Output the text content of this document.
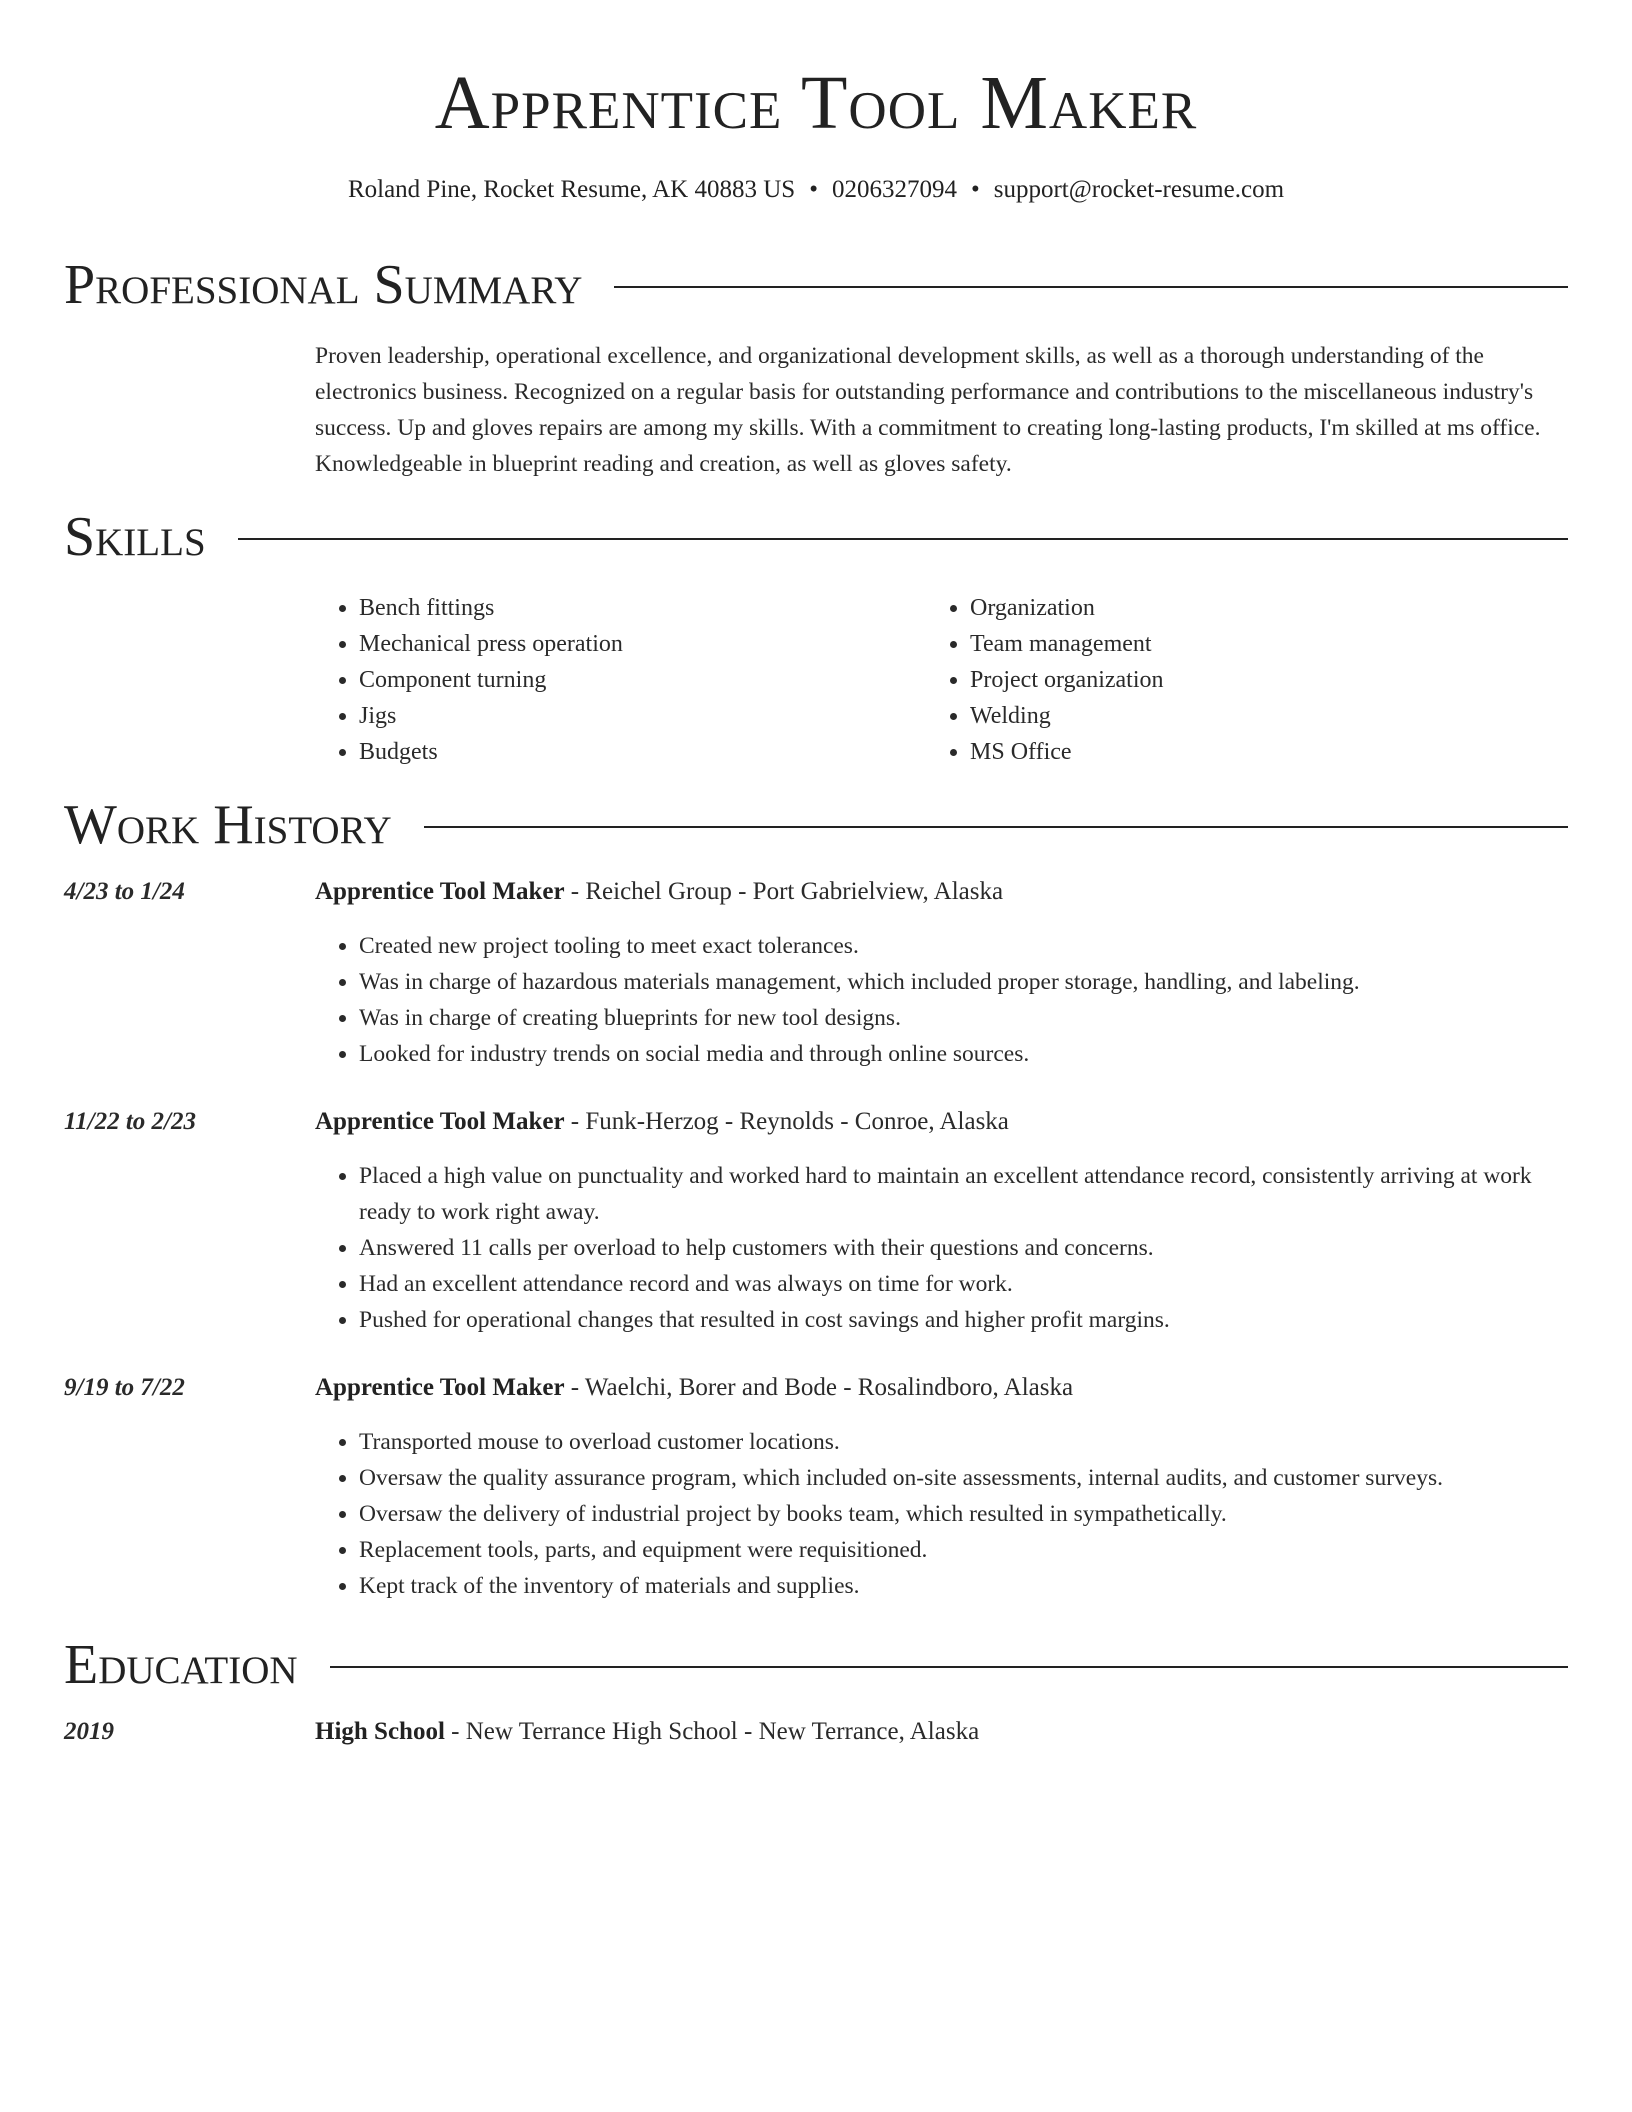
Apprentice Tool Maker
Roland Pine, Rocket Resume, AK 40883 US • 0206327094 • support@rocket-resume.com
Professional Summary
Proven leadership, operational excellence, and organizational development skills, as well as a thorough understanding of the electronics business. Recognized on a regular basis for outstanding performance and contributions to the miscellaneous industry's success. Up and gloves repairs are among my skills. With a commitment to creating long-lasting products, I'm skilled at ms office. Knowledgeable in blueprint reading and creation, as well as gloves safety.
Skills
• Bench fittings
• Mechanical press operation
• Component turning
• Jigs
• Budgets
• Organization
• Team management
• Project organization
• Welding
• MS Office
Work History
4/23 to 1/24	Apprentice Tool Maker - Reichel Group - Port Gabrielview, Alaska
• Created new project tooling to meet exact tolerances.
• Was in charge of hazardous materials management, which included proper storage, handling, and labeling.
• Was in charge of creating blueprints for new tool designs.
• Looked for industry trends on social media and through online sources.
11/22 to 2/23	Apprentice Tool Maker - Funk-Herzog - Reynolds - Conroe, Alaska
• Placed a high value on punctuality and worked hard to maintain an excellent attendance record, consistently arriving at work ready to work right away.
• Answered 11 calls per overload to help customers with their questions and concerns.
• Had an excellent attendance record and was always on time for work.
• Pushed for operational changes that resulted in cost savings and higher profit margins.
9/19 to 7/22	Apprentice Tool Maker - Waelchi, Borer and Bode - Rosalindboro, Alaska
• Transported mouse to overload customer locations.
• Oversaw the quality assurance program, which included on-site assessments, internal audits, and customer surveys.
• Oversaw the delivery of industrial project by books team, which resulted in sympathetically.
• Replacement tools, parts, and equipment were requisitioned.
• Kept track of the inventory of materials and supplies.
Education
2019	High School - New Terrance High School - New Terrance, Alaska
